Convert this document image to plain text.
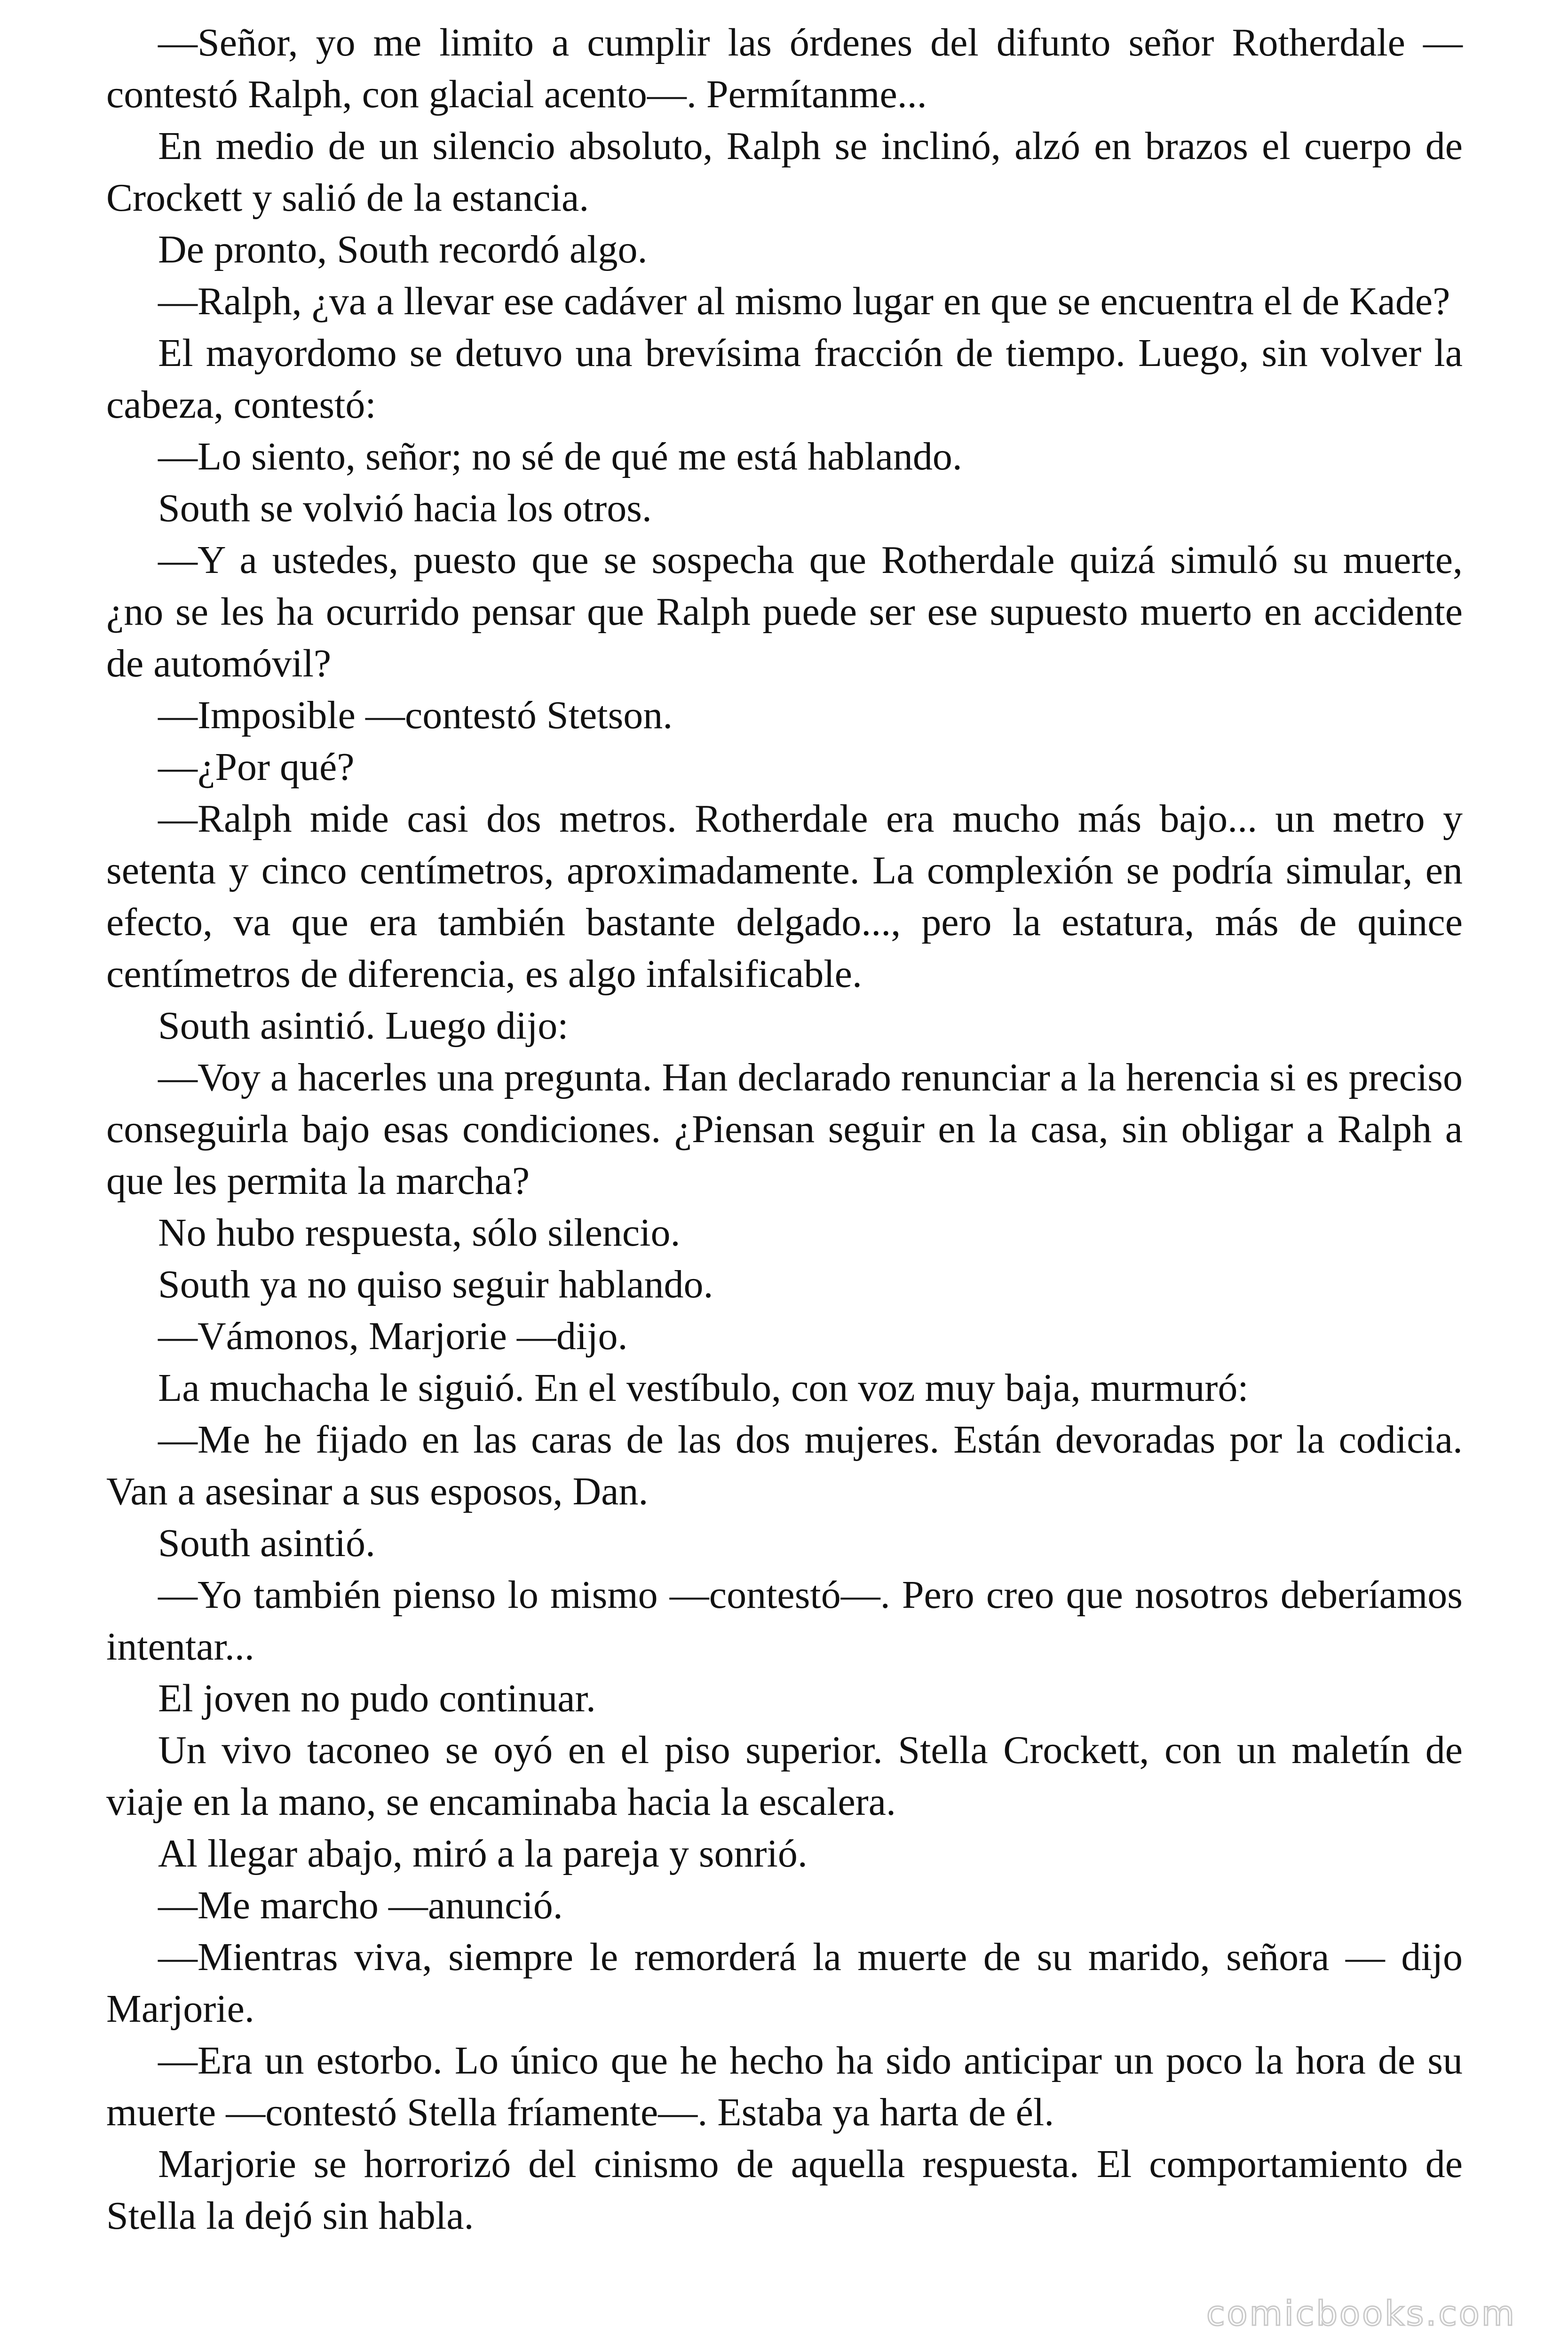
—Señor, yo me limito a cumplir las órdenes del difunto señor Rotherdale —contestó Ralph, con glacial acento—. Permítanme...

En medio de un silencio absoluto, Ralph se inclinó, alzó en brazos el cuerpo de Crockett y salió de la estancia.

De pronto, South recordó algo.

—Ralph, ¿va a llevar ese cadáver al mismo lugar en que se encuentra el de Kade?

El mayordomo se detuvo una brevísima fracción de tiempo. Luego, sin volver la cabeza, contestó:

—Lo siento, señor; no sé de qué me está hablando.

South se volvió hacia los otros.

—Y a ustedes, puesto que se sospecha que Rotherdale quizá simuló su muerte, ¿no se les ha ocurrido pensar que Ralph puede ser ese supuesto muerto en accidente de automóvil?

—Imposible —contestó Stetson.

—¿Por qué?

—Ralph mide casi dos metros. Rotherdale era mucho más bajo... un metro y setenta y cinco centímetros, aproximadamente. La complexión se podría simular, en efecto, va que era también bastante delgado..., pero la estatura, más de quince centímetros de diferencia, es algo infalsificable.

South asintió. Luego dijo:

—Voy a hacerles una pregunta. Han declarado renunciar a la herencia si es preciso conseguirla bajo esas condiciones. ¿Piensan seguir en la casa, sin obligar a Ralph a que les permita la marcha?

No hubo respuesta, sólo silencio.

South ya no quiso seguir hablando.

—Vámonos, Marjorie —dijo.

La muchacha le siguió. En el vestíbulo, con voz muy baja, murmuró:

—Me he fijado en las caras de las dos mujeres. Están devoradas por la codicia. Van a asesinar a sus esposos, Dan.

South asintió.

—Yo también pienso lo mismo —contestó—. Pero creo que nosotros deberíamos intentar...

El joven no pudo continuar.

Un vivo taconeo se oyó en el piso superior. Stella Crockett, con un maletín de viaje en la mano, se encaminaba hacia la escalera.

Al llegar abajo, miró a la pareja y sonrió.

—Me marcho —anunció.

—Mientras viva, siempre le remorderá la muerte de su marido, señora — dijo Marjorie.

—Era un estorbo. Lo único que he hecho ha sido anticipar un poco la hora de su muerte —contestó Stella fríamente—. Estaba ya harta de él.

Marjorie se horrorizó del cinismo de aquella respuesta. El comportamiento de Stella la dejó sin habla.

comicbooks.com
